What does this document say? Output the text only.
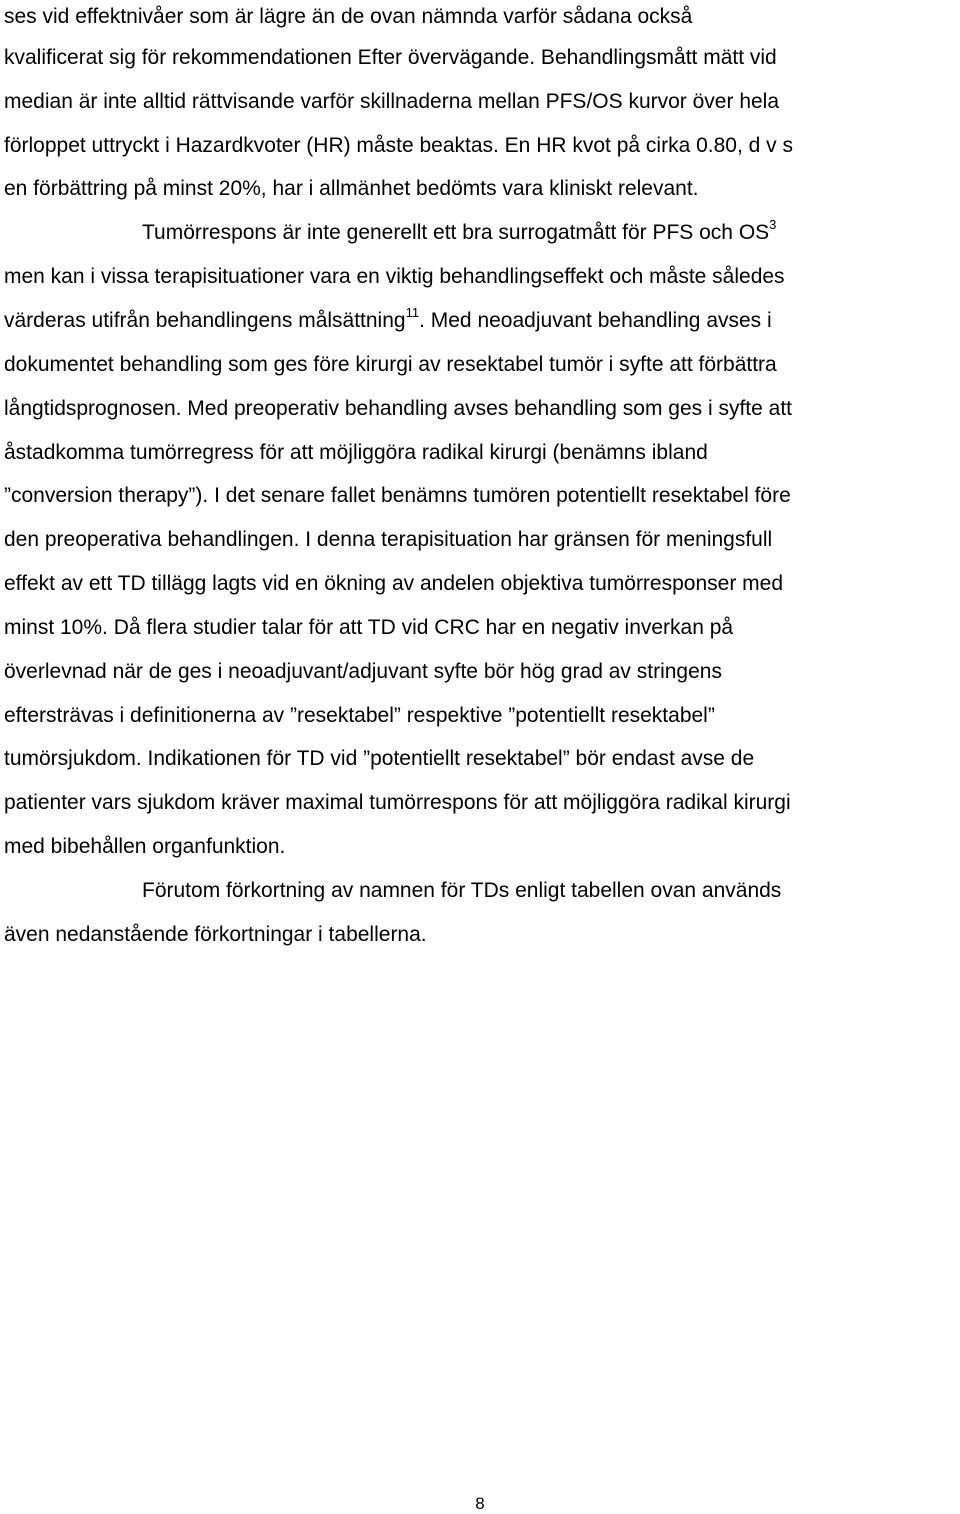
ses vid effektnivåer som är lägre än de ovan nämnda varför sådana också
kvalificerat sig för rekommendationen Efter övervägande. Behandlingsmått mätt vid
median är inte alltid rättvisande varför skillnaderna mellan PFS/OS kurvor över hela
förloppet uttryckt i Hazardkvoter (HR) måste beaktas. En HR kvot på cirka 0.80, d v s
en förbättring på minst 20%, har i allmänhet bedömts vara kliniskt relevant.
Tumörrespons är inte generellt ett bra surrogatmått för PFS och $OS^3$
men kan i vissa terapisituationer vara en viktig behandlingseffekt och måste således
värderas utifrån behandlingens målsättning$^{11}$. Med neoadjuvant behandling avses i
dokumentet behandling som ges före kirurgi av resektabel tumör i syfte att förbättra
långtidsprognosen. Med preoperativ behandling avses behandling som ges i syfte att
åstadkomma tumörregress för att möjliggöra radikal kirurgi (benämns ibland
”conversion therapy”). I det senare fallet benämns tumören potentiellt resektabel före
den preoperativa behandlingen. I denna terapisituation har gränsen för meningsfull
effekt av ett TD tillägg lagts vid en ökning av andelen objektiva tumörresponser med
minst 10%. Då flera studier talar för att TD vid CRC har en negativ inverkan på
överlevnad när de ges i neoadjuvant/adjuvant syfte bör hög grad av stringens
eftersträvas i definitionerna av ”resektabel” respektive ”potentiellt resektabel”
tumörsjukdom. Indikationen för TD vid ”potentiellt resektabel” bör endast avse de
patienter vars sjukdom kräver maximal tumörrespons för att möjliggöra radikal kirurgi
med bibehållen organfunktion.
Förutom förkortning av namnen för TDs enligt tabellen ovan används
även nedanstående förkortningar i tabellerna.
8
